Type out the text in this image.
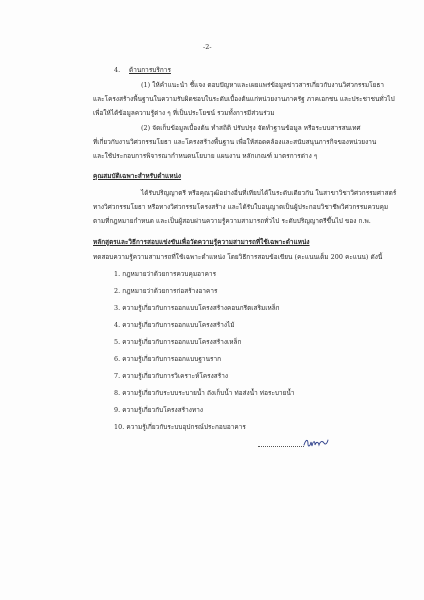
-2-
4. ด้านการบริการ
(1) ให้คำแนะนำ ชี้แจง ตอบปัญหาและเผยแพร่ข้อมูลข่าวสารเกี่ยวกับงานวิศวกรรมโยธา
และโครงสร้างพื้นฐานในความรับผิดชอบในระดับเบื้องต้นแก่หน่วยงานภาครัฐ ภาคเอกชน และประชาชนทั่วไป
เพื่อให้ได้ข้อมูลความรู้ต่าง ๆ ที่เป็นประโยชน์ รวมทั้งการมีส่วนร่วม
(2) จัดเก็บข้อมูลเบื้องต้น ทำสถิติ ปรับปรุง จัดทำฐานข้อมูล หรือระบบสารสนเทศ
ที่เกี่ยวกับงานวิศวกรรมโยธา และโครงสร้างพื้นฐาน เพื่อให้สอดคล้องและสนับสนุนภารกิจของหน่วยงาน
และใช้ประกอบการพิจารณากำหนดนโยบาย แผนงาน หลักเกณฑ์ มาตรการต่าง ๆ
คุณสมบัติเฉพาะสำหรับตำแหน่ง
ได้รับปริญญาตรี หรือคุณวุฒิอย่างอื่นที่เทียบได้ในระดับเดียวกัน ในสาขาวิชาวิศวกรรมศาสตร์
ทางวิศวกรรมโยธา หรือทางวิศวกรรมโครงสร้าง และได้รับใบอนุญาตเป็นผู้ประกอบวิชาชีพวิศวกรรมควบคุม
ตามที่กฎหมายกำหนด และเป็นผู้สอบผ่านความรู้ความสามารถทั่วไป ระดับปริญญาตรีขึ้นไป ของ ก.พ.
หลักสูตรและวิธีการสอบแข่งขันเพื่อวัดความรู้ความสามารถที่ใช้เฉพาะตำแหน่ง
ทดสอบความรู้ความสามารถที่ใช้เฉพาะตำแหน่ง โดยวิธีการสอบข้อเขียน (คะแนนเต็ม 200 คะแนน) ดังนี้
1. กฎหมายว่าด้วยการควบคุมอาคาร
2. กฎหมายว่าด้วยการก่อสร้างอาคาร
3. ความรู้เกี่ยวกับการออกแบบโครงสร้างคอนกรีตเสริมเหล็ก
4. ความรู้เกี่ยวกับการออกแบบโครงสร้างไม้
5. ความรู้เกี่ยวกับการออกแบบโครงสร้างเหล็ก
6. ความรู้เกี่ยวกับการออกแบบฐานราก
7. ความรู้เกี่ยวกับการวิเคราะห์โครงสร้าง
8. ความรู้เกี่ยวกับระบบระบายน้ำ ถังเก็บน้ำ ท่อส่งน้ำ ท่อระบายน้ำ
9. ความรู้เกี่ยวกับโครงสร้างทาง
10. ความรู้เกี่ยวกับระบบอุปกรณ์ประกอบอาคาร
